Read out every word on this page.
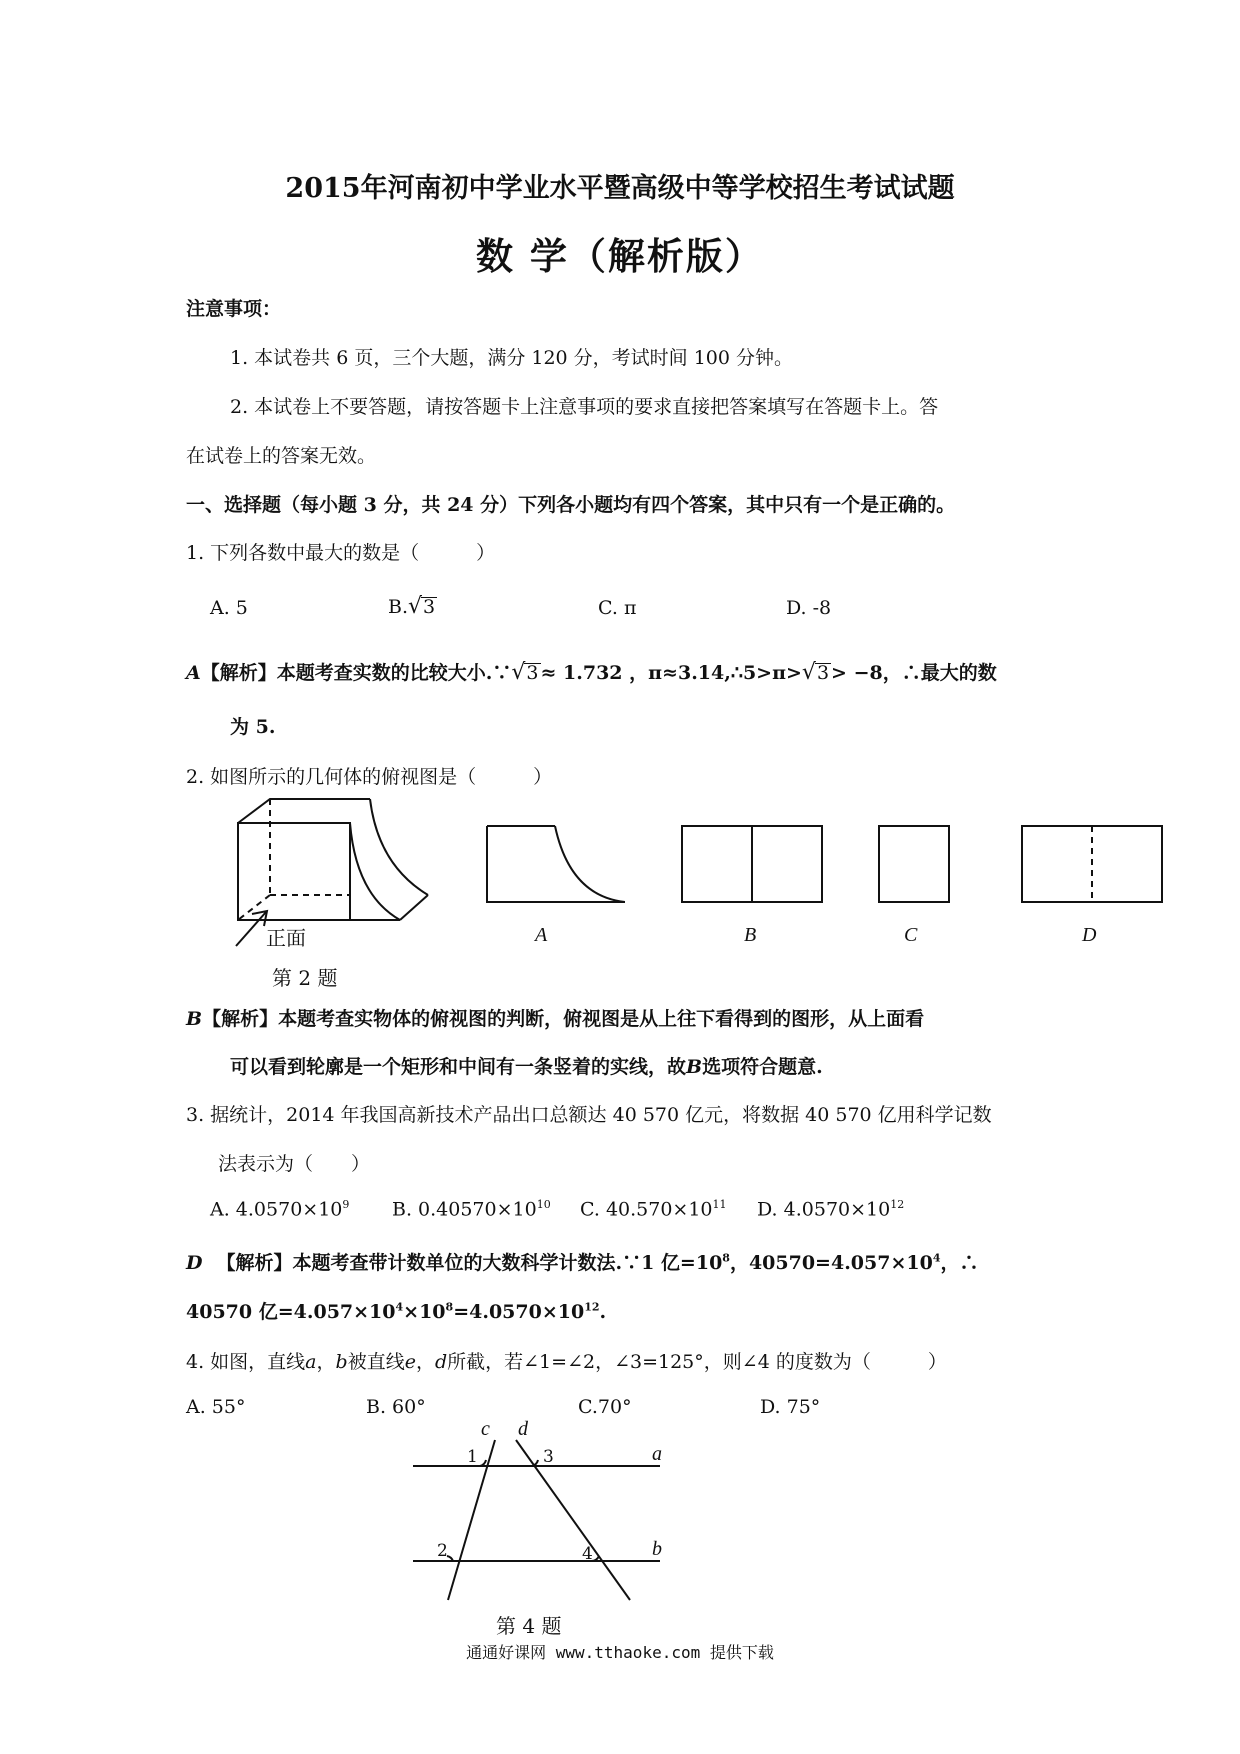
2015年河南初中学业水平暨高级中等学校招生考试试题
数 学（解析版）
注意事项：
1. 本试卷共 6 页，三个大题，满分 120 分，考试时间 100 分钟。
2. 本试卷上不要答题，请按答题卡上注意事项的要求直接把答案填写在答题卡上。答
在试卷上的答案无效。
一、选择题（每小题 3 分，共 24 分）下列各小题均有四个答案，其中只有一个是正确的。
1. 下列各数中最大的数是（　　　）
A. 5	B.√3	C. π	D. -8
A【解析】本题考查实数的比较大小.∵√3 ≈ 1.732 ，π≈3.14,∴5>π>√3 > −8，∴最大的数
为 5.
2. 如图所示的几何体的俯视图是（　　　）
正面	A	B	C	D
第 2 题
B【解析】本题考查实物体的俯视图的判断，俯视图是从上往下看得到的图形，从上面看
可以看到轮廓是一个矩形和中间有一条竖着的实线，故B选项符合题意.
3. 据统计，2014 年我国高新技术产品出口总额达 40 570 亿元，将数据 40 570 亿用科学记数
法表示为（　　）
A. $4.0570\times 10^9$ B. $0.40570\times 10^{10}$ C. $40.570\times 10^{11}$ D. $4.0570\times 10^{12}$
D 【解析】本题考查带计数单位的大数科学计数法.∵1 亿$=10^8$，$40570=4.057\times 10^4$，∴
40570 亿$=4.057\times 10^4\times 10^8=4.0570\times 10^{12}$.
4. 如图，直线a，b被直线e，d所截，若∠1=∠2，∠3=125°，则∠4 的度数为（　　　）
A. 55°	B. 60°	C.70°	D. 75°
c d
a
b
1
2
3
4
第 4 题
通通好课网 www.tthaoke.com 提供下载
